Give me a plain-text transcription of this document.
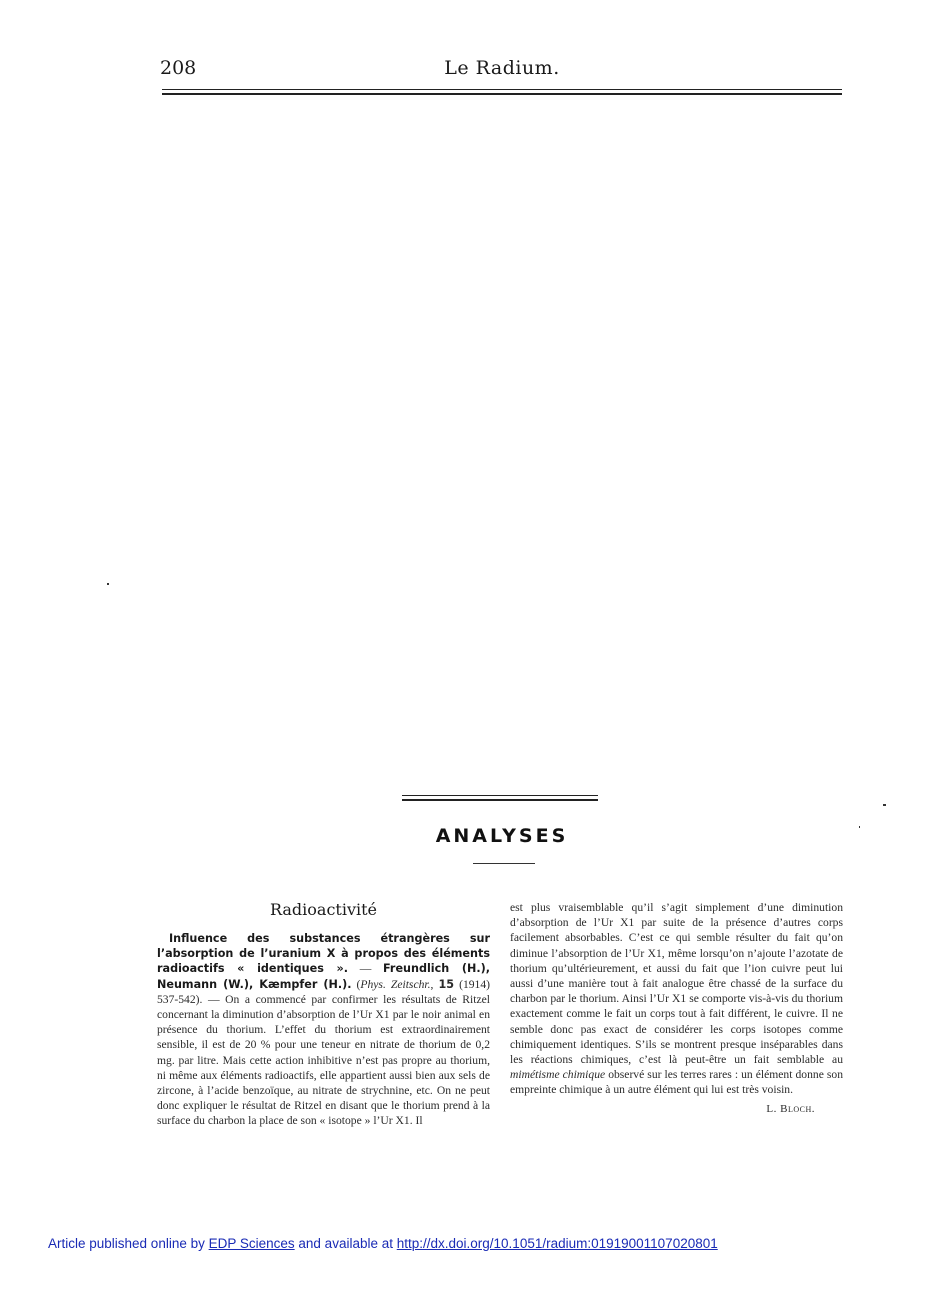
208	Le Radium.
ANALYSES
Radioactivité

Influence des substances étrangères sur l’absorption de l’uranium X à propos des éléments radioactifs « identiques ». — Freundlich (H.), Neumann (W.), Kæmpfer (H.). (Phys. Zeitschr., 15 (1914) 537-542). — On a commencé par confirmer les résultats de Ritzel concernant la diminution d’absorption de l’Ur X1 par le noir animal en présence du thorium. L’effet du thorium est extraordinairement sensible, il est de 20 % pour une teneur en nitrate de thorium de 0,2 mg. par litre. Mais cette action inhibitive n’est pas propre au thorium, ni même aux éléments radioactifs, elle appartient aussi bien aux sels de zircone, à l’acide benzoïque, au nitrate de strychnine, etc. On ne peut donc expliquer le résultat de Ritzel en disant que le thorium prend à la surface du charbon la place de son « isotope » l’Ur X1. Il

est plus vraisemblable qu’il s’agit simplement d’une diminution d’absorption de l’Ur X1 par suite de la présence d’autres corps facilement absorbables. C’est ce qui semble résulter du fait qu’on diminue l’absorption de l’Ur X1, même lorsqu’on n’ajoute l’azotate de thorium qu’ultérieurement, et aussi du fait que l’ion cuivre peut lui aussi d’une manière tout à fait analogue être chassé de la surface du charbon par le thorium. Ainsi l’Ur X1 se comporte vis-à-vis du thorium exactement comme le fait un corps tout à fait différent, le cuivre. Il ne semble donc pas exact de considérer les corps isotopes comme chimiquement identiques. S’ils se montrent presque inséparables dans les réactions chimiques, c’est là peut-être un fait semblable au mimétisme chimique observé sur les terres rares : un élément donne son empreinte chimique à un autre élément qui lui est très voisin.

L. Bloch.
Article published online by EDP Sciences and available at http://dx.doi.org/10.1051/radium:01919001107020801
